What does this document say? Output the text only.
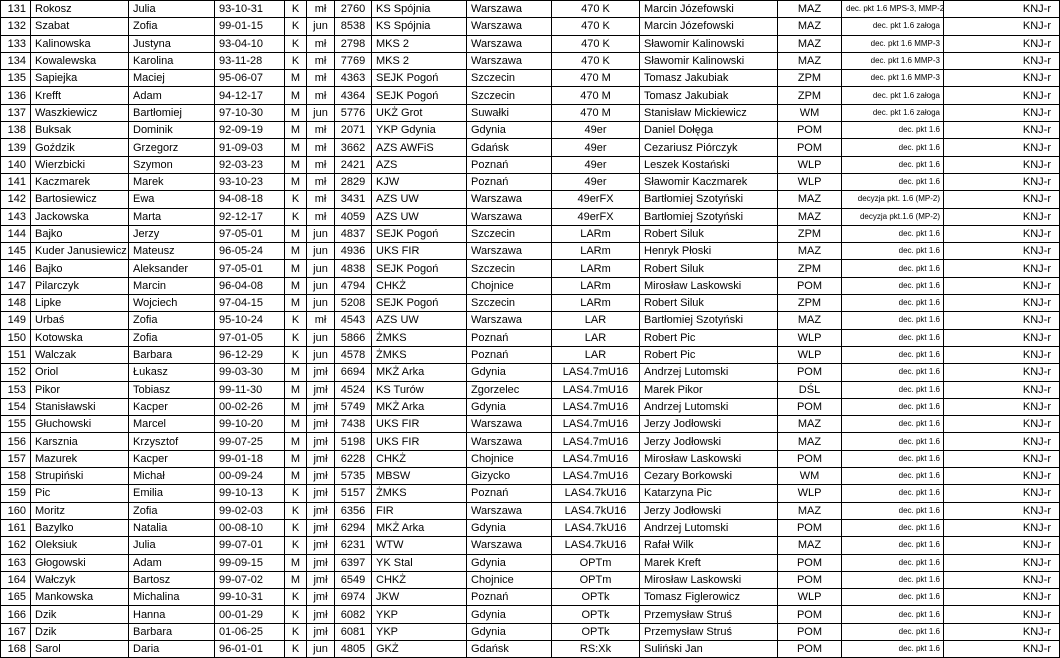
131	Rokosz	Julia	93-10-31	K	mł	2760	KS Spójnia	Warszawa	470 K	Marcin Józefowski	MAZ	dec. pkt 1.6 MPS-3, MMP-2	KNJ-r
132	Szabat	Zofia	99-01-15	K	jun	8538	KS Spójnia	Warszawa	470 K	Marcin Józefowski	MAZ	dec. pkt 1.6 załoga	KNJ-r
133	Kalinowska	Justyna	93-04-10	K	mł	2798	MKS 2	Warszawa	470 K	Sławomir Kalinowski	MAZ	dec. pkt 1.6 MMP-3	KNJ-r
134	Kowalewska	Karolina	93-11-28	K	mł	7769	MKS 2	Warszawa	470 K	Sławomir Kalinowski	MAZ	dec. pkt 1.6 MMP-3	KNJ-r
135	Sapiejka	Maciej	95-06-07	M	mł	4363	SEJK Pogoń	Szczecin	470 M	Tomasz Jakubiak	ZPM	dec. pkt 1.6 MMP-3	KNJ-r
136	Krefft	Adam	94-12-17	M	mł	4364	SEJK Pogoń	Szczecin	470 M	Tomasz Jakubiak	ZPM	dec. pkt 1.6 załoga	KNJ-r
137	Waszkiewicz	Bartłomiej	97-10-30	M	jun	5776	UKŻ Grot	Suwałki	470 M	Stanisław Mickiewicz	WM	dec. pkt 1.6 załoga	KNJ-r
138	Buksak	Dominik	92-09-19	M	mł	2071	YKP Gdynia	Gdynia	49er	Daniel Dołęga	POM	dec. pkt 1.6	KNJ-r
139	Goździk	Grzegorz	91-09-03	M	mł	3662	AZS AWFiS	Gdańsk	49er	Cezariusz Piórczyk	POM	dec. pkt 1.6	KNJ-r
140	Wierzbicki	Szymon	92-03-23	M	mł	2421	AZS	Poznań	49er	Leszek Kostański	WLP	dec. pkt 1.6	KNJ-r
141	Kaczmarek	Marek	93-10-23	M	mł	2829	KJW	Poznań	49er	Sławomir Kaczmarek	WLP	dec. pkt 1.6	KNJ-r
142	Bartosiewicz	Ewa	94-08-18	K	mł	3431	AZS UW	Warszawa	49erFX	Bartłomiej Szotyński	MAZ	decyzja pkt. 1.6 (MP-2)	KNJ-r
143	Jackowska	Marta	92-12-17	K	mł	4059	AZS UW	Warszawa	49erFX	Bartłomiej Szotyński	MAZ	decyzja pkt.1.6 (MP-2)	KNJ-r
144	Bajko	Jerzy	97-05-01	M	jun	4837	SEJK Pogoń	Szczecin	LARm	Robert Siluk	ZPM	dec. pkt 1.6	KNJ-r
145	Kuder Janusiewicz	Mateusz	96-05-24	M	jun	4936	UKS FIR	Warszawa	LARm	Henryk Płoski	MAZ	dec. pkt 1.6	KNJ-r
146	Bajko	Aleksander	97-05-01	M	jun	4838	SEJK Pogoń	Szczecin	LARm	Robert Siluk	ZPM	dec. pkt 1.6	KNJ-r
147	Pilarczyk	Marcin	96-04-08	M	jun	4794	CHKŻ	Chojnice	LARm	Mirosław Laskowski	POM	dec. pkt 1.6	KNJ-r
148	Lipke	Wojciech	97-04-15	M	jun	5208	SEJK Pogoń	Szczecin	LARm	Robert Siluk	ZPM	dec. pkt 1.6	KNJ-r
149	Urbaś	Zofia	95-10-24	K	mł	4543	AZS UW	Warszawa	LAR	Bartłomiej Szotyński	MAZ	dec. pkt 1.6	KNJ-r
150	Kotowska	Zofia	97-01-05	K	jun	5866	ŻMKS	Poznań	LAR	Robert Pic	WLP	dec. pkt 1.6	KNJ-r
151	Walczak	Barbara	96-12-29	K	jun	4578	ŻMKS	Poznań	LAR	Robert Pic	WLP	dec. pkt 1.6	KNJ-r
152	Oriol	Łukasz	99-03-30	M	jmł	6694	MKŻ Arka	Gdynia	LAS4.7mU16	Andrzej Lutomski	POM	dec. pkt 1.6	KNJ-r
153	Pikor	Tobiasz	99-11-30	M	jmł	4524	KS Turów	Zgorzelec	LAS4.7mU16	Marek Pikor	DŚL	dec. pkt 1.6	KNJ-r
154	Stanisławski	Kacper	00-02-26	M	jmł	5749	MKŻ Arka	Gdynia	LAS4.7mU16	Andrzej Lutomski	POM	dec. pkt 1.6	KNJ-r
155	Głuchowski	Marcel	99-10-20	M	jmł	7438	UKS FIR	Warszawa	LAS4.7mU16	Jerzy Jodłowski	MAZ	dec. pkt 1.6	KNJ-r
156	Karsznia	Krzysztof	99-07-25	M	jmł	5198	UKS FIR	Warszawa	LAS4.7mU16	Jerzy Jodłowski	MAZ	dec. pkt 1.6	KNJ-r
157	Mazurek	Kacper	99-01-18	M	jmł	6228	CHKŻ	Chojnice	LAS4.7mU16	Mirosław Laskowski	POM	dec. pkt 1.6	KNJ-r
158	Strupiński	Michał	00-09-24	M	jmł	5735	MBSW	Gizycko	LAS4.7mU16	Cezary Borkowski	WM	dec. pkt 1.6	KNJ-r
159	Pic	Emilia	99-10-13	K	jmł	5157	ŻMKS	Poznań	LAS4.7kU16	Katarzyna Pic	WLP	dec. pkt 1.6	KNJ-r
160	Moritz	Zofia	99-02-03	K	jmł	6356	FIR	Warszawa	LAS4.7kU16	Jerzy Jodłowski	MAZ	dec. pkt 1.6	KNJ-r
161	Bazylko	Natalia	00-08-10	K	jmł	6294	MKŻ Arka	Gdynia	LAS4.7kU16	Andrzej Lutomski	POM	dec. pkt 1.6	KNJ-r
162	Oleksiuk	Julia	99-07-01	K	jmł	6231	WTW	Warszawa	LAS4.7kU16	Rafał Wilk	MAZ	dec. pkt 1.6	KNJ-r
163	Głogowski	Adam	99-09-15	M	jmł	6397	YK Stal	Gdynia	OPTm	Marek Kreft	POM	dec. pkt 1.6	KNJ-r
164	Wałczyk	Bartosz	99-07-02	M	jmł	6549	CHKŻ	Chojnice	OPTm	Mirosław Laskowski	POM	dec. pkt 1.6	KNJ-r
165	Mankowska	Michalina	99-10-31	K	jmł	6974	JKW	Poznań	OPTk	Tomasz Figlerowicz	WLP	dec. pkt 1.6	KNJ-r
166	Dzik	Hanna	00-01-29	K	jmł	6082	YKP	Gdynia	OPTk	Przemysław Struś	POM	dec. pkt 1.6	KNJ-r
167	Dzik	Barbara	01-06-25	K	jmł	6081	YKP	Gdynia	OPTk	Przemysław Struś	POM	dec. pkt 1.6	KNJ-r
168	Sarol	Daria	96-01-01	K	jun	4805	GKŻ	Gdańsk	RS:Xk	Suliński Jan	POM	dec. pkt 1.6	KNJ-r
